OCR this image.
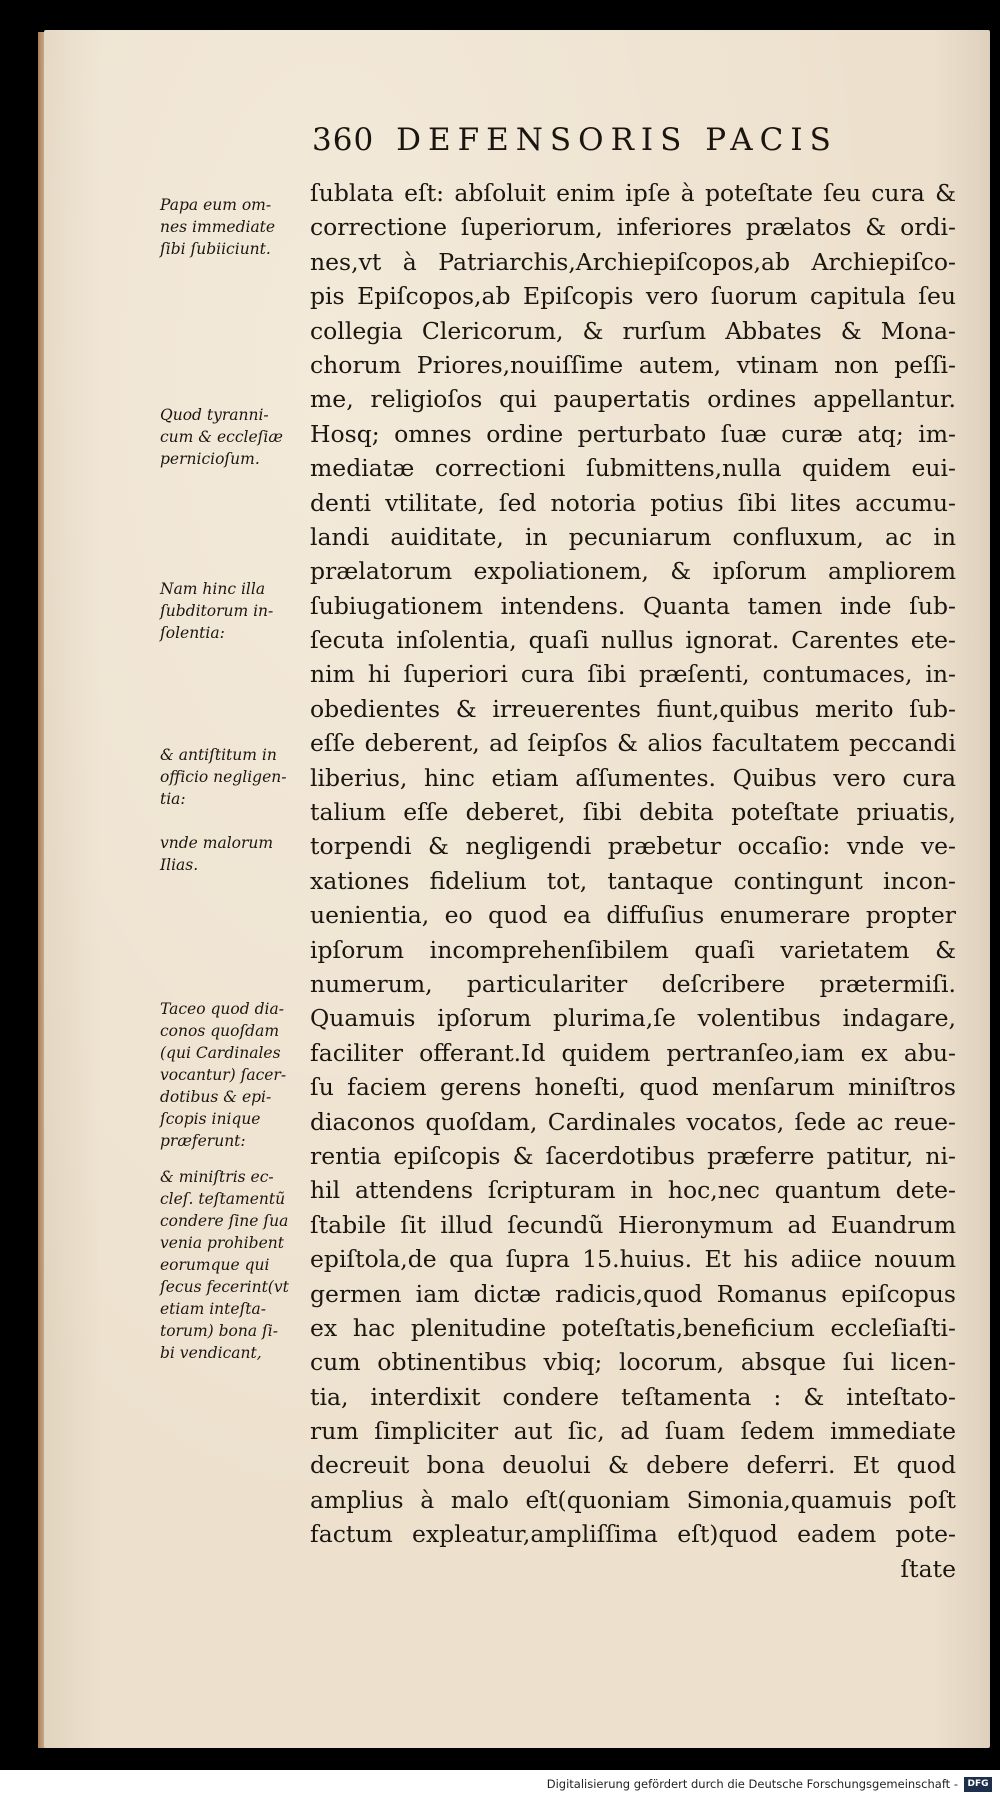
360 DEFENSORIS PACIS
ſublata eſt: abſoluit enim ipſe à poteſtate ſeu cura &
correctione ſuperiorum, inferiores prælatos & ordi-
nes,vt à Patriarchis,Archiepiſcopos,ab Archiepiſco-
pis Epiſcopos,ab Epiſcopis vero ſuorum capitula ſeu
collegia Clericorum, & rurſum Abbates & Mona-
chorum Priores,nouiſſime autem, vtinam non peſſi-
me, religioſos qui paupertatis ordines appellantur.
Hosq; omnes ordine perturbato ſuæ curæ atq; im-
mediatæ correctioni ſubmittens,nulla quidem eui-
denti vtilitate, ſed notoria potius ſibi lites accumu-
landi auiditate, in pecuniarum confluxum, ac in
prælatorum expoliationem, & ipſorum ampliorem
ſubiugationem intendens. Quanta tamen inde ſub-
ſecuta inſolentia, quaſi nullus ignorat. Carentes ete-
nim hi ſuperiori cura ſibi præſenti, contumaces, in-
obedientes & irreuerentes fiunt,quibus merito ſub-
eſſe deberent, ad ſeipſos & alios facultatem peccandi
liberius, hinc etiam aſſumentes. Quibus vero cura
talium eſſe deberet, ſibi debita poteſtate priuatis,
torpendi & negligendi præbetur occaſio: vnde ve-
xationes fidelium tot, tantaque contingunt incon-
uenientia, eo quod ea diffuſius enumerare propter
ipſorum incomprehenſibilem quaſi varietatem &
numerum, particulariter deſcribere prætermiſi.
Quamuis ipſorum plurima,ſe volentibus indagare,
faciliter offerant.Id quidem pertranſeo,iam ex abu-
ſu faciem gerens honeſti, quod menſarum miniſtros
diaconos quoſdam, Cardinales vocatos, ſede ac reue-
rentia epiſcopis & ſacerdotibus præferre patitur, ni-
hil attendens ſcripturam in hoc,nec quantum dete-
ſtabile ſit illud ſecundũ Hieronymum ad Euandrum
epiſtola,de qua ſupra 15.huius. Et his adiice nouum
germen iam dictæ radicis,quod Romanus epiſcopus
ex hac plenitudine poteſtatis,beneficium eccleſiaſti-
cum obtinentibus vbiq; locorum, absque ſui licen-
tia, interdixit condere teſtamenta : & inteſtato-
rum ſimpliciter aut ſic, ad ſuam ſedem immediate
decreuit bona deuolui & debere deferri. Et quod
amplius à malo eſt(quoniam Simonia,quamuis poſt
factum expleatur,ampliſſima eſt)quod eadem pote-
ſtate
Papa eum om-
nes immediate
ſibi ſubiiciunt.
Quod tyranni-
cum & eccleſiæ
pernicioſum.
Nam hinc illa
ſubditorum in-
ſolentia:
& antiſtitum in
officio negligen-
tia:
vnde malorum
Ilias.
Taceo quod dia-
conos quoſdam
(qui Cardinales
vocantur) ſacer-
dotibus & epi-
ſcopis inique
præferunt:
& miniſtris ec-
cleſ. teſtamentũ
condere ſine ſua
venia prohibent
eorumque qui
ſecus fecerint(vt
etiam inteſta-
torum) bona ſi-
bi vendicant,
Digitalisierung gefördert durch die Deutsche Forschungsgemeinschaft -	DFG
